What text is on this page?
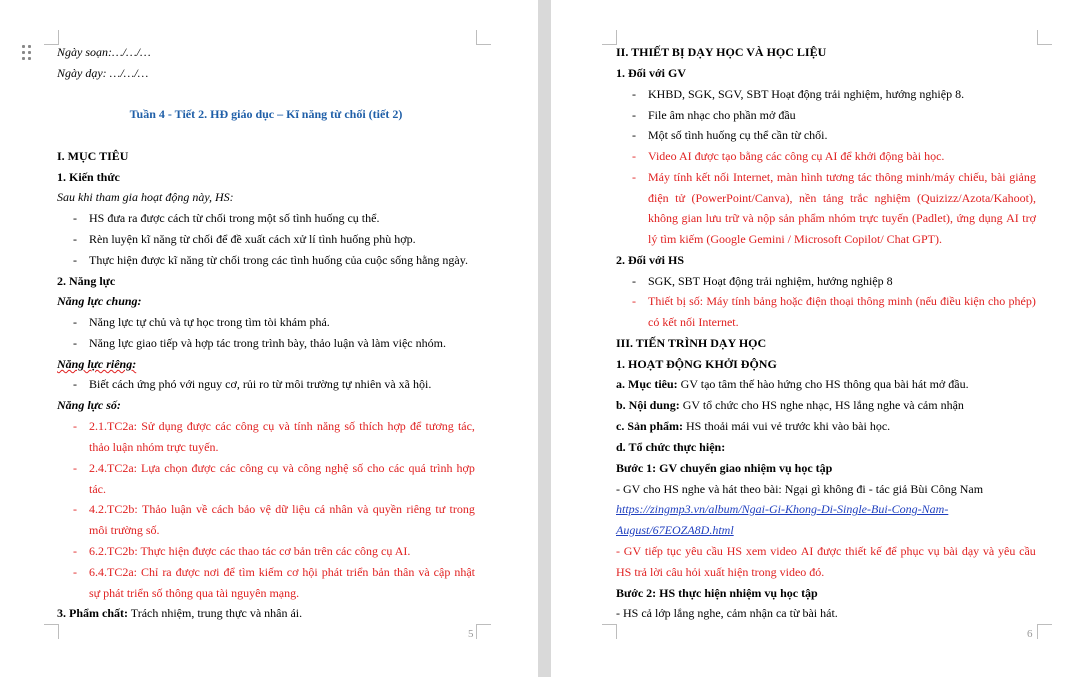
Ngày soạn:…/…/…
Ngày dạy: …/…/…
Tuần 4 - Tiết 2. HĐ giáo dục – Kĩ năng từ chối (tiết 2)
I. MỤC TIÊU
1. Kiến thức
Sau khi tham gia hoạt động này, HS:
- HS đưa ra được cách từ chối trong một số tình huống cụ thể.
- Rèn luyện kĩ năng từ chối để đề xuất cách xử lí tình huống phù hợp.
- Thực hiện được kĩ năng từ chối trong các tình huống của cuộc sống hằng ngày.
2. Năng lực
Năng lực chung:
- Năng lực tự chủ và tự học trong tìm tòi khám phá.
- Năng lực giao tiếp và hợp tác trong trình bày, thảo luận và làm việc nhóm.
Năng lực riêng:
- Biết cách ứng phó với nguy cơ, rủi ro từ môi trường tự nhiên và xã hội.
Năng lực số:
- 2.1.TC2a: Sử dụng được các công cụ và tính năng số thích hợp để tương tác,
thảo luận nhóm trực tuyến.
- 2.4.TC2a: Lựa chọn được các công cụ và công nghệ số cho các quá trình hợp
tác.
- 4.2.TC2b: Thảo luận về cách bảo vệ dữ liệu cá nhân và quyền riêng tư trong
môi trường số.
- 6.2.TC2b: Thực hiện được các thao tác cơ bản trên các công cụ AI.
- 6.4.TC2a: Chỉ ra được nơi để tìm kiếm cơ hội phát triển bản thân và cập nhật
sự phát triển số thông qua tài nguyên mạng.
3. Phẩm chất: Trách nhiệm, trung thực và nhân ái.
5
II. THIẾT BỊ DẠY HỌC VÀ HỌC LIỆU
1. Đối với GV
- KHBD, SGK, SGV, SBT Hoạt động trải nghiệm, hướng nghiệp 8.
- File âm nhạc cho phần mở đầu
- Một số tình huống cụ thể cần từ chối.
- Video AI được tạo bằng các công cụ AI để khởi động bài học.
- Máy tính kết nối Internet, màn hình tương tác thông minh/máy chiếu, bài giảng
điện tử (PowerPoint/Canva), nền tảng trắc nghiệm (Quizizz/Azota/Kahoot),
không gian lưu trữ và nộp sản phẩm nhóm trực tuyến (Padlet), ứng dụng AI trợ
lý tìm kiếm (Google Gemini / Microsoft Copilot/ Chat GPT).
2. Đối với HS
- SGK, SBT Hoạt động trải nghiệm, hướng nghiệp 8
- Thiết bị số: Máy tính bảng hoặc điện thoại thông minh (nếu điều kiện cho phép)
có kết nối Internet.
III. TIẾN TRÌNH DẠY HỌC
1. HOẠT ĐỘNG KHỞI ĐỘNG
a. Mục tiêu: GV tạo tâm thế hào hứng cho HS thông qua bài hát mở đầu.
b. Nội dung: GV tổ chức cho HS nghe nhạc, HS lắng nghe và cảm nhận
c. Sản phẩm: HS thoải mái vui vẻ trước khi vào bài học.
d. Tổ chức thực hiện:
Bước 1: GV chuyển giao nhiệm vụ học tập
- GV cho HS nghe và hát theo bài: Ngại gì không đi - tác giả Bùi Công Nam
https://zingmp3.vn/album/Ngai-Gi-Khong-Di-Single-Bui-Cong-Nam-
August/67EOZA8D.html
- GV tiếp tục yêu cầu HS xem video AI được thiết kế để phục vụ bài dạy và yêu cầu
HS trả lời câu hỏi xuất hiện trong video đó.
Bước 2: HS thực hiện nhiệm vụ học tập
- HS cả lớp lắng nghe, cảm nhận ca từ bài hát.
6
